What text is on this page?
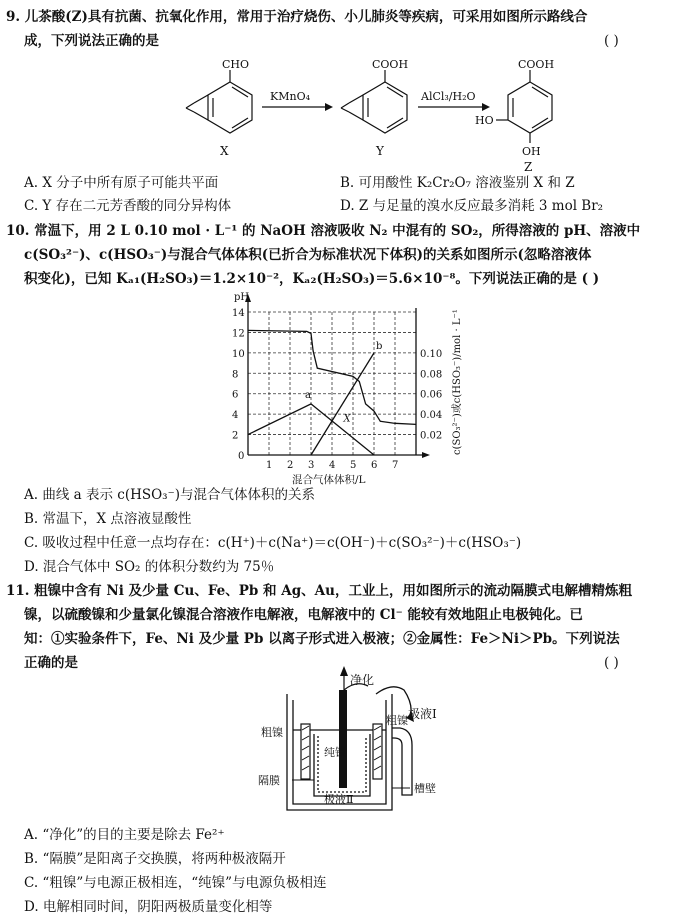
9. 儿茶酸(Z)具有抗菌、抗氧化作用，常用于治疗烧伤、小儿肺炎等疾病，可采用如图所示路线合
成，下列说法正确的是	( )
CHO
X
KMnO₄
COOH
Y
AlCl₃/H₂O
COOH
HO
OH
Z
A. X 分子中所有原子可能共平面	B. 可用酸性 K₂Cr₂O₇ 溶液鉴别 X 和 Z
C. Y 存在二元芳香酸的同分异构体	D. Z 与足量的溴水反应最多消耗 3 mol Br₂
10. 常温下，用 2 L 0.10 mol · L⁻¹ 的 NaOH 溶液吸收 N₂ 中混有的 SO₂，所得溶液的 pH、溶液中
c(SO₃²⁻)、c(HSO₃⁻)与混合气体体积(已折合为标准状况下体积)的关系如图所示(忽略溶液体
积变化)，已知 Kₐ₁(H₂SO₃)＝1.2×10⁻²，Kₐ₂(H₂SO₃)＝5.6×10⁻⁸。下列说法正确的是 ( )
1 2 3 4 5 6 7
2
4
6
8
10
12
14
0.02
0.04
0.06
0.08
0.10
0
pH
混合气体体积/L
c(SO₃²⁻)或c(HSO₃⁻)/mol · L⁻¹
a
b
X
A. 曲线 a 表示 c(HSO₃⁻)与混合气体体积的关系
B. 常温下，X 点溶液显酸性
C. 吸收过程中任意一点均存在：c(H⁺)＋c(Na⁺)＝c(OH⁻)＋c(SO₃²⁻)＋c(HSO₃⁻)
D. 混合气体中 SO₂ 的体积分数约为 75％
11. 粗镍中含有 Ni 及少量 Cu、Fe、Pb 和 Ag、Au，工业上，用如图所示的流动隔膜式电解槽精炼粗
镍，以硫酸镍和少量氯化镍混合溶液作电解液，电解液中的 Cl⁻ 能较有效地阻止电极钝化。已
知：①实验条件下，Fe、Ni 及少量 Pb 以离子形式进入极液；②金属性：Fe＞Ni＞Pb。下列说法
正确的是	( )
净化
粗镍
粗镍
纯镍
极液Ⅰ
极液Ⅱ
隔膜
槽壁
A. “净化”的目的主要是除去 Fe²⁺
B. “隔膜”是阳离子交换膜，将两种极液隔开
C. “粗镍”与电源正极相连，“纯镍”与电源负极相连
D. 电解相同时间，阴阳两极质量变化相等
